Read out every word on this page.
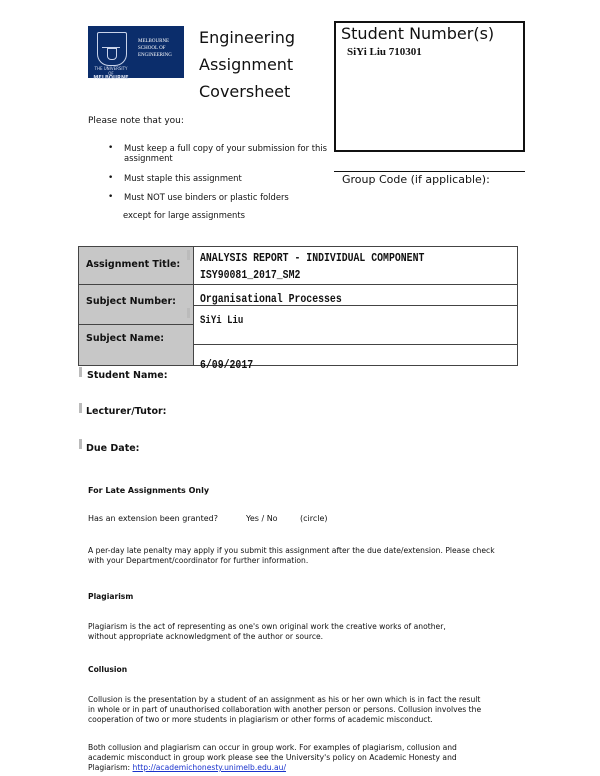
THE UNIVERSITY OF
MELBOURNE
MELBOURNE
SCHOOL OF
ENGINEERING
Engineering
Assignment
Coversheet
Student Number(s)
SiYi Liu 710301
Please note that you:
• Must keep a full copy of your submission for this assignment
• Must staple this assignment
• Must NOT use binders or plastic folders
except for large assignments
Group Code (if applicable):
Assignment Title:
Subject Number:
Subject Name:
ANALYSIS REPORT - INDIVIDUAL COMPONENT
ISY90081_2017_SM2
Organisational Processes
SiYi Liu
6/09/2017
Student Name:
Lecturer/Tutor:
Due Date:
For Late Assignments Only
Has an extension been granted?	Yes / No	(circle)
A per-day late penalty may apply if you submit this assignment after the due date/extension. Please check
with your Department/coordinator for further information.
Plagiarism
Plagiarism is the act of representing as one's own original work the creative works of another,
without appropriate acknowledgment of the author or source.
Collusion
Collusion is the presentation by a student of an assignment as his or her own which is in fact the result
in whole or in part of unauthorised collaboration with another person or persons. Collusion involves the
cooperation of two or more students in plagiarism or other forms of academic misconduct.
Both collusion and plagiarism can occur in group work. For examples of plagiarism, collusion and
academic misconduct in group work please see the University's policy on Academic Honesty and
Plagiarism: http://academichonesty.unimelb.edu.au/
